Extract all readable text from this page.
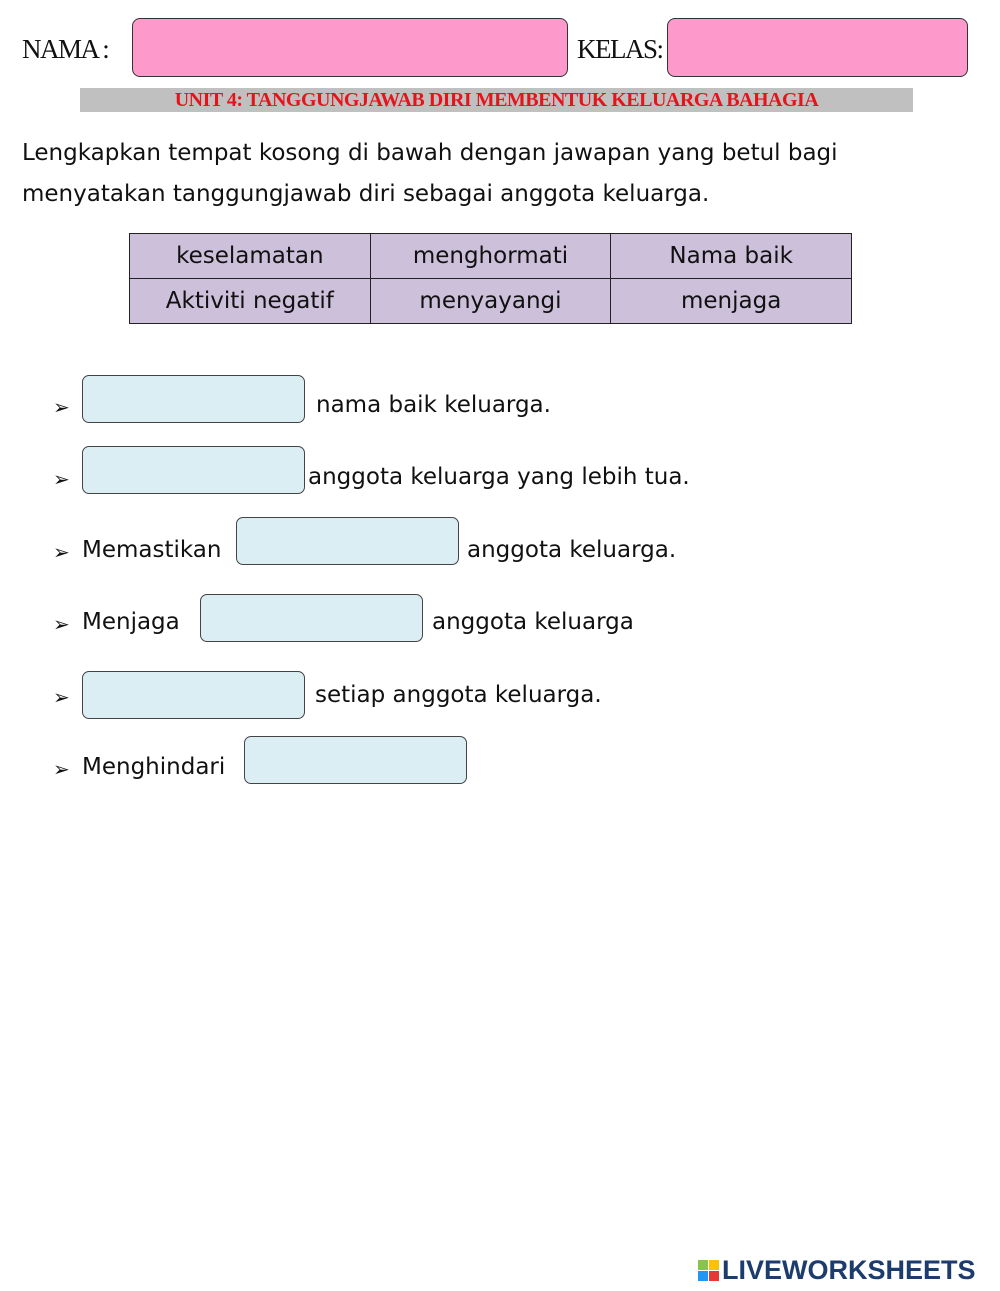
NAMA :	KELAS:
UNIT 4: TANGGUNGJAWAB DIRI MEMBENTUK KELUARGA BAHAGIA
Lengkapkan tempat kosong di bawah dengan jawapan yang betul bagi
menyatakan tanggungjawab diri sebagai anggota keluarga.
keselamatan	menghormati	Nama baik
Aktiviti negatif	menyayangi	menjaga
➢	nama baik keluarga.
➢	anggota keluarga yang lebih tua.
➢ Memastikan	anggota keluarga.
➢ Menjaga	anggota keluarga
➢	setiap anggota keluarga.
➢ Menghindari
LIVEWORKSHEETS
